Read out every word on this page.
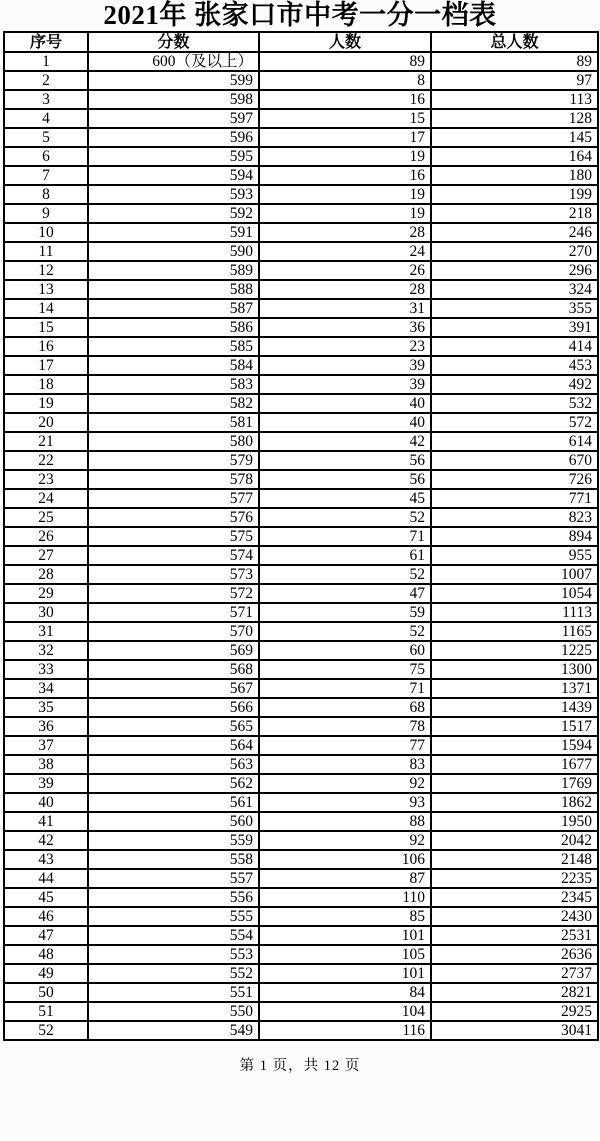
2021年 张家口市中考一分一档表
序号	分数	人数	总人数
1	600（及以上）	89	89
2	599	8	97
3	598	16	113
4	597	15	128
5	596	17	145
6	595	19	164
7	594	16	180
8	593	19	199
9	592	19	218
10	591	28	246
11	590	24	270
12	589	26	296
13	588	28	324
14	587	31	355
15	586	36	391
16	585	23	414
17	584	39	453
18	583	39	492
19	582	40	532
20	581	40	572
21	580	42	614
22	579	56	670
23	578	56	726
24	577	45	771
25	576	52	823
26	575	71	894
27	574	61	955
28	573	52	1007
29	572	47	1054
30	571	59	1113
31	570	52	1165
32	569	60	1225
33	568	75	1300
34	567	71	1371
35	566	68	1439
36	565	78	1517
37	564	77	1594
38	563	83	1677
39	562	92	1769
40	561	93	1862
41	560	88	1950
42	559	92	2042
43	558	106	2148
44	557	87	2235
45	556	110	2345
46	555	85	2430
47	554	101	2531
48	553	105	2636
49	552	101	2737
50	551	84	2821
51	550	104	2925
52	549	116	3041
第 1 页，共 12 页
